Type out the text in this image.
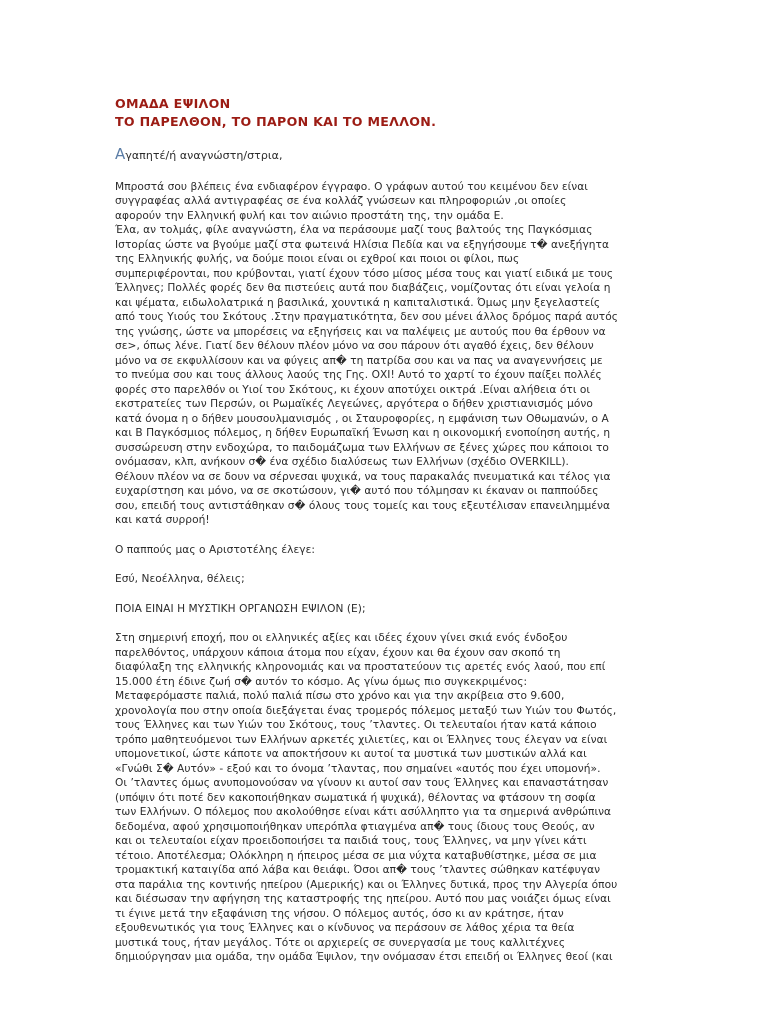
ΟΜΑΔΑ ΕΨΙΛΟΝ
ΤΟ ΠΑΡΕΛΘΟΝ, ΤΟ ΠΑΡΟΝ ΚΑΙ ΤΟ ΜΕΛΛΟΝ.
Αγαπητέ/ή αναγνώστη/στρια,
Μπροστά σου βλέπεις ένα ενδιαφέρον έγγραφο. Ο γράφων αυτού του κειμένου δεν είναι
συγγραφέας αλλά αντιγραφέας σε ένα κολλάζ γνώσεων και πληροφοριών ,οι οποίες
αφορούν την Ελληνική φυλή και τον αιώνιο προστάτη της, την ομάδα Ε.
Έλα, αν τολμάς, φίλε αναγνώστη, έλα να περάσουμε μαζί τους βαλτούς της Παγκόσμιας
Ιστορίας ώστε να βγούμε μαζί στα φωτεινά Ηλίσια Πεδία και να εξηγήσουμε τ� ανεξήγητα
της Ελληνικής φυλής, να δούμε ποιοι είναι οι εχθροί και ποιοι οι φίλοι, πως
συμπεριφέρονται, που κρύβονται, γιατί έχουν τόσο μίσος μέσα τους και γιατί ειδικά με τους
Έλληνες; Πολλές φορές δεν θα πιστεύεις αυτά που διαβάζεις, νομίζοντας ότι είναι γελοία η
και ψέματα, ειδωλολατρικά η βασιλικά, χουντικά η καπιταλιστικά. Όμως μην ξεγελαστείς
από τους Υιούς του Σκότους .Στην πραγματικότητα, δεν σου μένει άλλος δρόμος παρά αυτός
της γνώσης, ώστε να μπορέσεις να εξηγήσεις και να παλέψεις με αυτούς που θα έρθουν να
σε>, όπως λένε. Γιατί δεν θέλουν πλέον μόνο να σου πάρουν ότι αγαθό έχεις, δεν θέλουν
μόνο να σε εκφυλλίσουν και να φύγεις απ� τη πατρίδα σου και να πας να αναγεννήσεις με
το πνεύμα σου και τους άλλους λαούς της Γης. ΟΧΙ! Αυτό το χαρτί το έχουν παίξει πολλές
φορές στο παρελθόν οι Υιοί του Σκότους, κι έχουν αποτύχει οικτρά .Είναι αλήθεια ότι οι
εκστρατείες των Περσών, οι Ρωμαϊκές Λεγεώνες, αργότερα ο δήθεν χριστιανισμός μόνο
κατά όνομα η ο δήθεν μουσουλμανισμός , οι Σταυροφορίες, η εμφάνιση των Οθωμανών, ο Α
και Β Παγκόσμιος πόλεμος, η δήθεν Ευρωπαϊκή Ένωση και η οικονομική ενοποίηση αυτής, η
συσσώρευση στην ενδοχώρα, το παιδομάζωμα των Ελλήνων σε ξένες χώρες που κάποιοι το
ονόμασαν, κλπ, ανήκουν σ� ένα σχέδιο διαλύσεως των Ελλήνων (σχέδιο OVERKILL).
Θέλουν πλέον να σε δουν να σέρνεσαι ψυχικά, να τους παρακαλάς πνευματικά και τέλος για
ευχαρίστηση και μόνο, να σε σκοτώσουν, γι� αυτό που τόλμησαν κι έκαναν οι παππούδες
σου, επειδή τους αντιστάθηκαν σ� όλους τους τομείς και τους εξευτέλισαν επανειλημμένα
και κατά συρροή!
Ο παππούς μας ο Αριστοτέλης έλεγε:
Εσύ, Νεοέλληνα, θέλεις;
ΠΟΙΑ ΕΙΝΑΙ Η ΜΥΣΤΙΚΗ ΟΡΓΑΝΩΣΗ ΕΨΙΛΟΝ (Ε);
Στη σημερινή εποχή, που οι ελληνικές αξίες και ιδέες έχουν γίνει σκιά ενός ένδοξου
παρελθόντος, υπάρχουν κάποια άτομα που είχαν, έχουν και θα έχουν σαν σκοπό τη
διαφύλαξη της ελληνικής κληρονομιάς και να προστατεύουν τις αρετές ενός λαού, που επί
15.000 έτη έδινε ζωή σ� αυτόν το κόσμο. Ας γίνω όμως πιο συγκεκριμένος:
Μεταφερόμαστε παλιά, πολύ παλιά πίσω στο χρόνο και για την ακρίβεια στο 9.600,
χρονολογία που στην οποία διεξάγεται ένας τρομερός πόλεμος μεταξύ των Υιών του Φωτός,
τους Έλληνες και των Υιών του Σκότους, τους ’τλαντες. Οι τελευταίοι ήταν κατά κάποιο
τρόπο μαθητευόμενοι των Ελλήνων αρκετές χιλιετίες, και οι Έλληνες τους έλεγαν να είναι
υπομονετικοί, ώστε κάποτε να αποκτήσουν κι αυτοί τα μυστικά των μυστικών αλλά και
«Γνώθι Σ� Αυτόν» - εξού και το όνομα ’τλαντας, που σημαίνει «αυτός που έχει υπομονή».
Οι ’τλαντες όμως ανυπομονούσαν να γίνουν κι αυτοί σαν τους Έλληνες και επαναστάτησαν
(υπόψιν ότι ποτέ δεν κακοποιήθηκαν σωματικά ή ψυχικά), θέλοντας να φτάσουν τη σοφία
των Ελλήνων. Ο πόλεμος που ακολούθησε είναι κάτι ασύλληπτο για τα σημερινά ανθρώπινα
δεδομένα, αφού χρησιμοποιήθηκαν υπερόπλα φτιαγμένα απ� τους ίδιους τους Θεούς, αν
και οι τελευταίοι είχαν προειδοποιήσει τα παιδιά τους, τους Έλληνες, να μην γίνει κάτι
τέτοιο. Αποτέλεσμα; Ολόκληρη η ήπειρος μέσα σε μια νύχτα καταβυθίστηκε, μέσα σε μια
τρομακτική καταιγίδα από λάβα και θειάφι. Όσοι απ� τους ’τλαντες σώθηκαν κατέφυγαν
στα παράλια της κοντινής ηπείρου (Αμερικής) και οι Έλληνες δυτικά, προς την Αλγερία όπου
και διέσωσαν την αφήγηση της καταστροφής της ηπείρου. Αυτό που μας νοιάζει όμως είναι
τι έγινε μετά την εξαφάνιση της νήσου. Ο πόλεμος αυτός, όσο κι αν κράτησε, ήταν
εξουθενωτικός για τους Έλληνες και ο κίνδυνος να περάσουν σε λάθος χέρια τα θεία
μυστικά τους, ήταν μεγάλος. Τότε οι αρχιερείς σε συνεργασία με τους καλλιτέχνες
δημιούργησαν μια ομάδα, την ομάδα Έψιλον, την ονόμασαν έτσι επειδή οι Έλληνες θεοί (και
